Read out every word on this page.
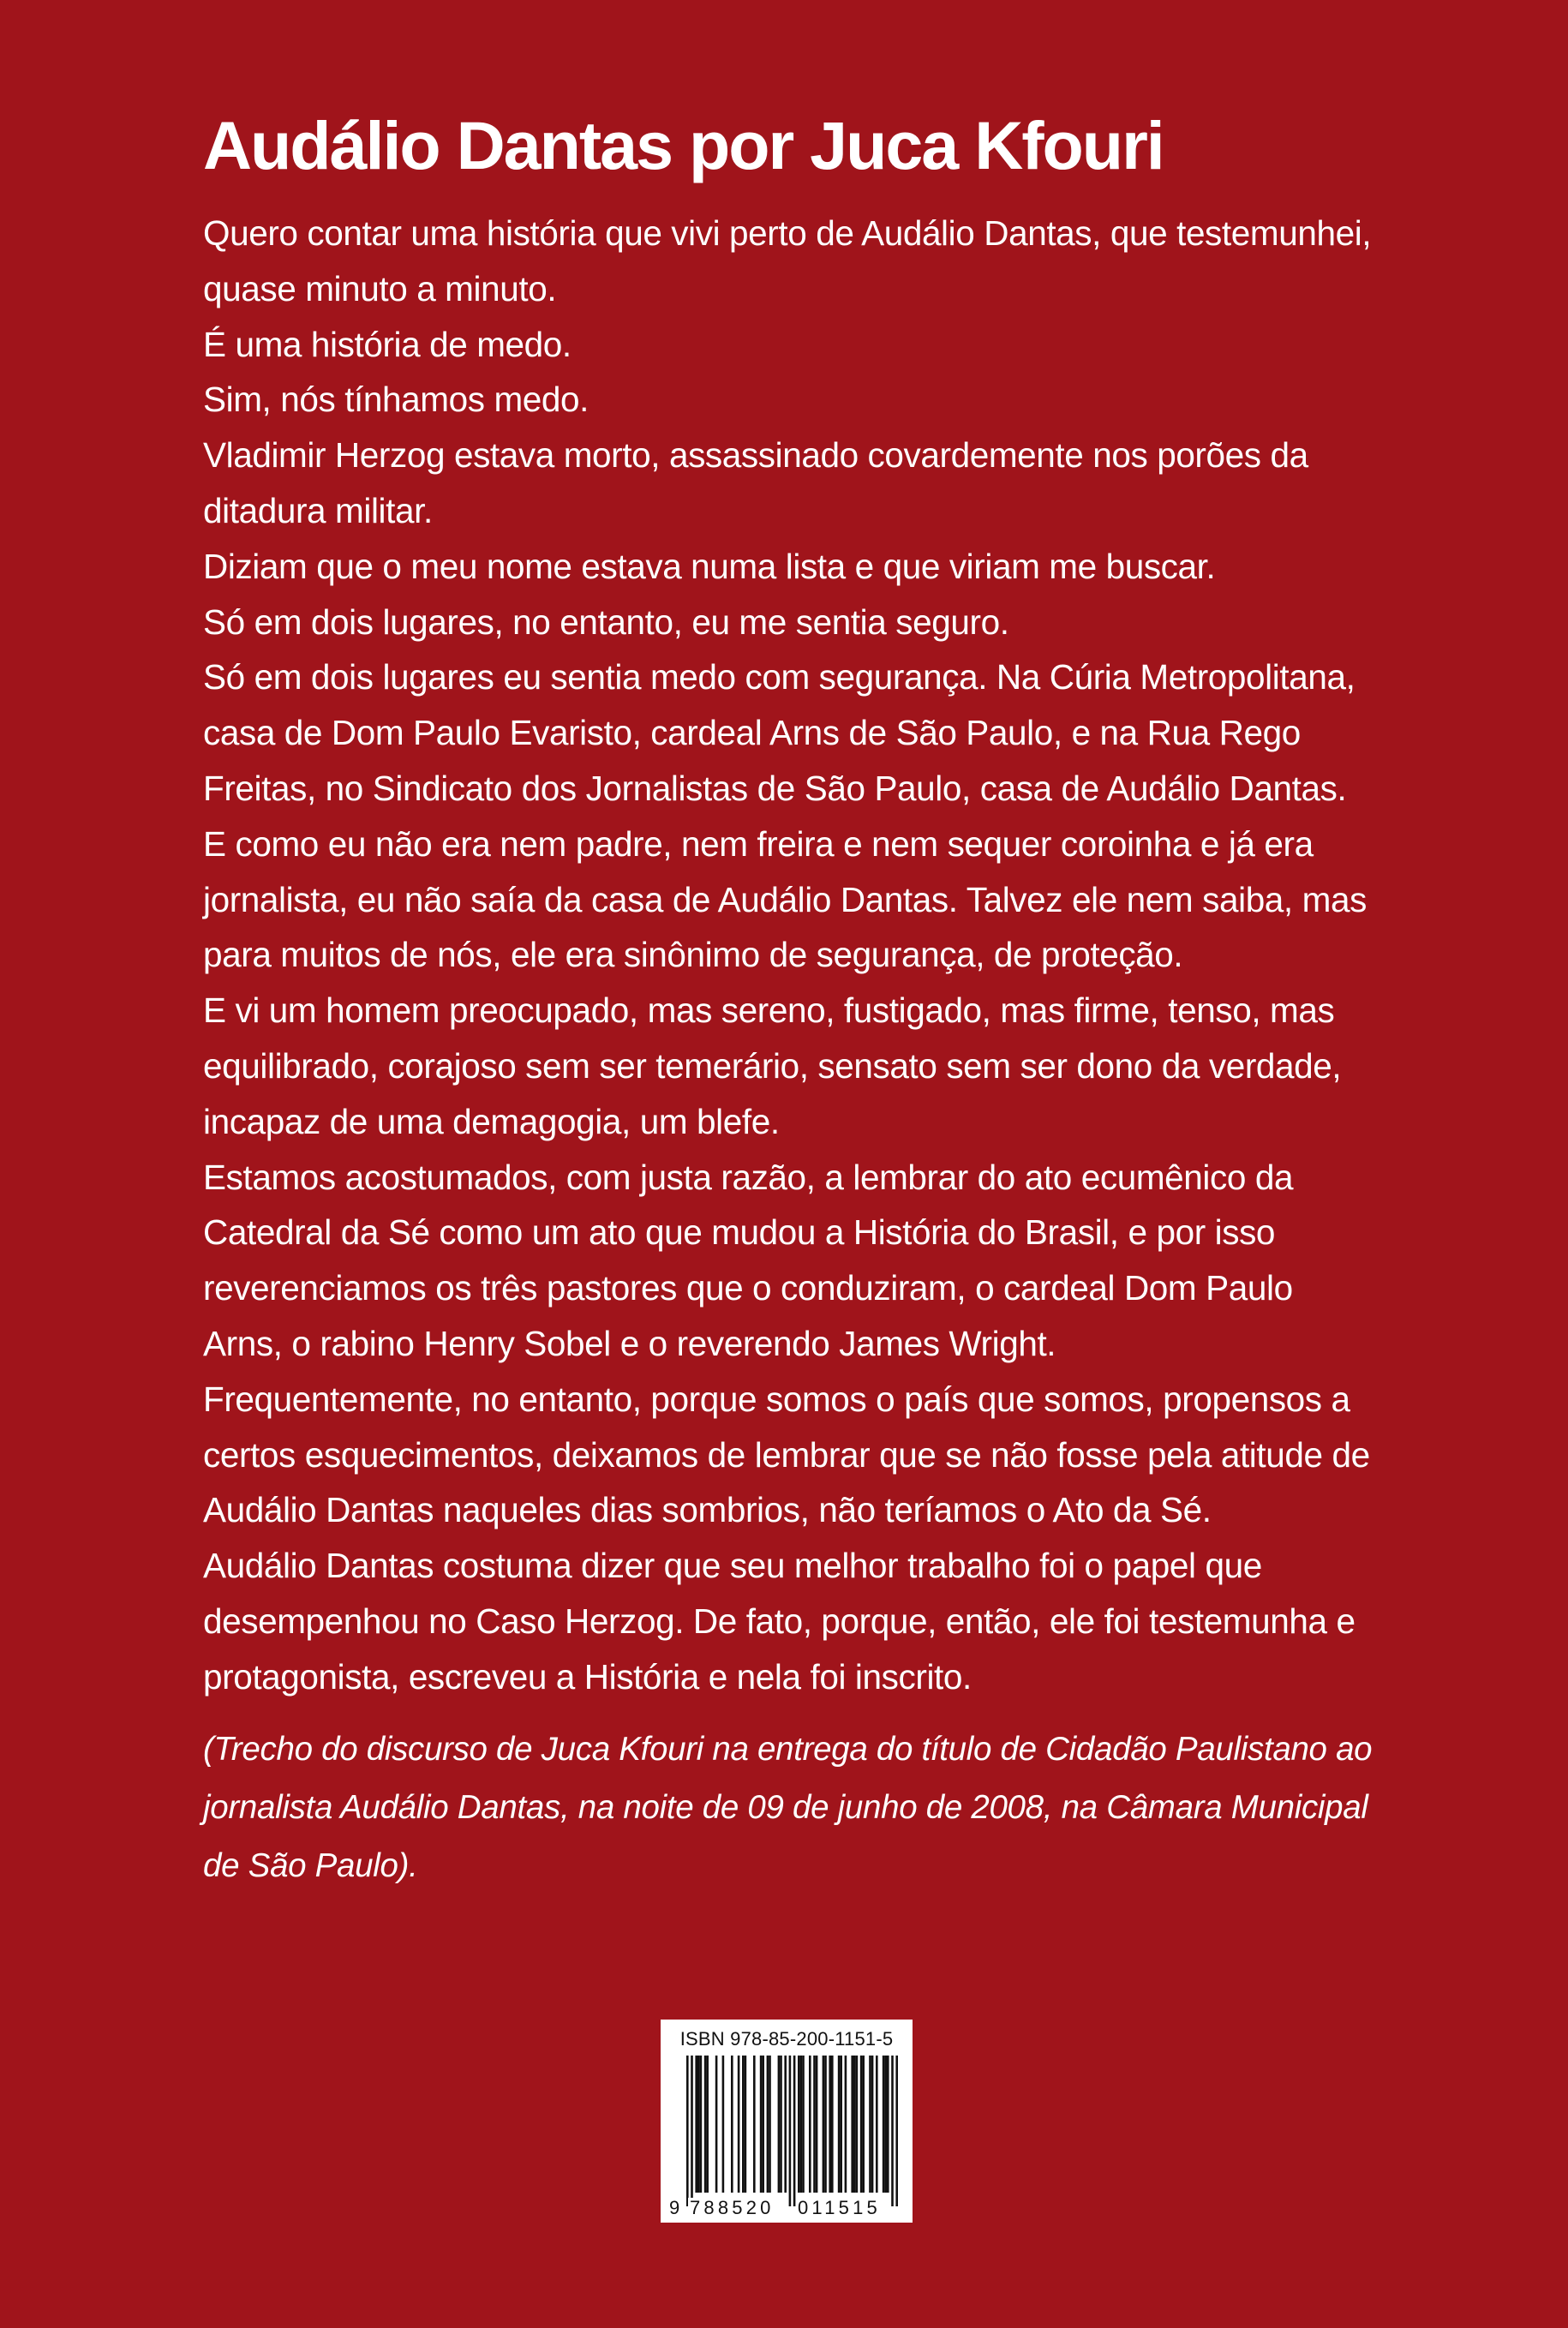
Audálio Dantas por Juca Kfouri

Quero contar uma história que vivi perto de Audálio Dantas, que testemunhei, quase minuto a minuto.

É uma história de medo.

Sim, nós tínhamos medo.

Vladimir Herzog estava morto, assassinado covardemente nos porões da ditadura militar.

Diziam que o meu nome estava numa lista e que viriam me buscar.

Só em dois lugares, no entanto, eu me sentia seguro.

Só em dois lugares eu sentia medo com segurança. Na Cúria Metropolitana, casa de Dom Paulo Evaristo, cardeal Arns de São Paulo, e na Rua Rego Freitas, no Sindicato dos Jornalistas de São Paulo, casa de Audálio Dantas.

E como eu não era nem padre, nem freira e nem sequer coroinha e já era jornalista, eu não saía da casa de Audálio Dantas. Talvez ele nem saiba, mas para muitos de nós, ele era sinônimo de segurança, de proteção.

E vi um homem preocupado, mas sereno, fustigado, mas firme, tenso, mas equilibrado, corajoso sem ser temerário, sensato sem ser dono da verdade, incapaz de uma demagogia, um blefe.

Estamos acostumados, com justa razão, a lembrar do ato ecumênico da Catedral da Sé como um ato que mudou a História do Brasil, e por isso reverenciamos os três pastores que o conduziram, o cardeal Dom Paulo Arns, o rabino Henry Sobel e o reverendo James Wright.

Frequentemente, no entanto, porque somos o país que somos, propensos a certos esquecimentos, deixamos de lembrar que se não fosse pela atitude de Audálio Dantas naqueles dias sombrios, não teríamos o Ato da Sé.

Audálio Dantas costuma dizer que seu melhor trabalho foi o papel que desempenhou no Caso Herzog. De fato, porque, então, ele foi testemunha e protagonista, escreveu a História e nela foi inscrito.

(Trecho do discurso de Juca Kfouri na entrega do título de Cidadão Paulistano ao jornalista Audálio Dantas, na noite de 09 de junho de 2008, na Câmara Municipal de São Paulo).

ISBN 978-85-200-1151-5
9 788520 011515
